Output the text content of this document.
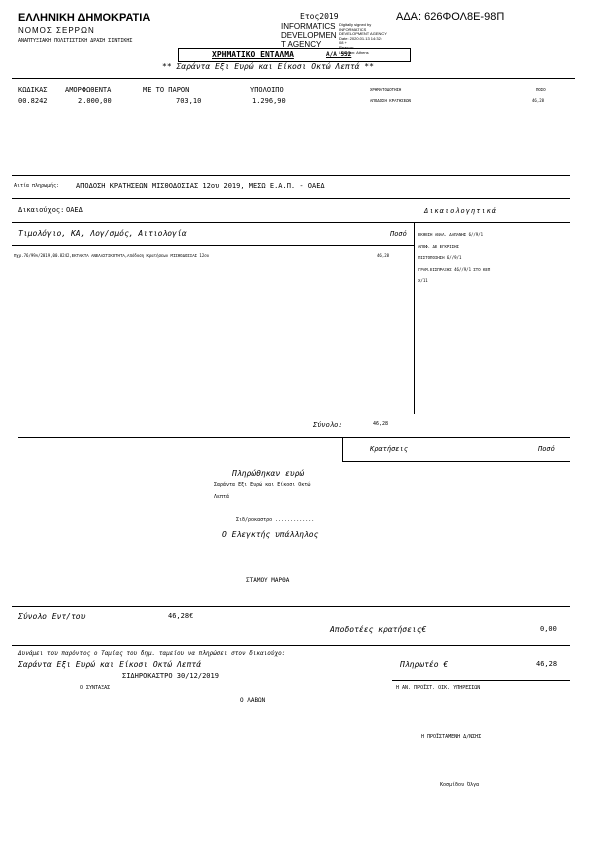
ΕΛΛΗΝΙΚΗ ΔΗΜΟΚΡΑΤΙΑ
ΝΟΜΟΣ ΣΕΡΡΩΝ
ΑΝΑΠΤΥΞΙΑΚΗ ΠΟΛΙΤΙΣΤΙΚΗ ΔΡΑΣΗ ΣΙΝΤΙΚΗΣ
Ετος2019
INFORMATICS
DEVELOPMEN
T AGENCY
Digitally signed by
INFORMATICS
DEVELOPMENT AGENCY
Date: 2020.01.13 14:32:
08 +
Reason:
Location: Athens
ΑΔΑ: 626ΦΟΛ8Ε-98Π
ΧΡΗΜΑΤΙΚΟ ΕΝΤΑΛΜΑ	Α/Α 552
** Σαράντα Εξι Ευρώ και Είκοσι Οκτώ Λεπτά **
ΚΩΔΙΚΑΣ ΑΜΟΡΦΩΘΕΝΤΑ	ΜΕ ΤΟ ΠΑΡΟΝ	ΥΠΟΛΟΙΠΟ
00.8242	2.000,00	703,10	1.296,90
ΧΡΗΜΑΤΟΔΟΤΗΣΗ	ΠΟΣΟ
ΑΠΟΔΟΣΗ ΚΡΑΤΗΣΕΩΝ	46,28
Αιτία πληρωμής: ΑΠΟΔΟΣΗ ΚΡΑΤΗΣΕΩΝ ΜΙΣΘΟΔΟΣΙΑΣ 12ου 2019, ΜΕΣΩ Ε.Α.Π. - ΟΑΕΔ
Δικαιούχος: ΟΑΕΔ	Δικαιολογητικά
Τιμολόγιο, ΚΑ, Λογ/σμός, Αιτιολογία	Ποσό
Πχρ.76/99Α/2019,00.8242,ΕΚΤΑΚΤΑ ΑΝΕΛΑΣΤΙΚΟΤΗΤΑ,Απόδοση Κρατήσεων ΜΙΣΘΟΔΟΣΙΑΣ 12ου	46,28
ΕΚΘΕΣΗ ΑΝΑΛ. ΔΑΠΑΝΗΣ 6//9/1
ΑΠΟΦ. ΔΕ ΕΓΚΡΙΣΗΣ
ΠΙΣΤΟΠΟΙΗΣΗ 6//9/1
ΓΡΑΜ.ΕΙΣΠΡΑΞΗΣ 46//9/1 ΣΤΟ ΚΕΠ
Χ/11
Σύνολο:	46,28
Κρατήσεις	Ποσό
Πληρώθηκαν ευρώ
Σαράντα Εξι Ευρώ και Είκοσι Οκτώ
Λεπτά
Σιδ/ροκαστρο .............
Ο Ελεγκτής υπάλληλος
ΣΤΑΜΟΥ ΜΑΡΘΑ
Σύνολο Εντ/του	46,28€
Αποδοτέες κρατήσεις€	0,00
Δυνάμει του παρόντος ο Ταμίας του δημ. ταμείου να πληρώσει στον δικαιούχο:
Σαράντα Εξι Ευρώ και Είκοσι Οκτώ Λεπτά	Πληρωτέο €	46,28
ΣΙΔΗΡΟΚΑΣΤΡΟ 30/12/2019
Ο ΣΥΝΤΑΞΑΣ	Η ΑΝ. ΠΡΟΪΣΤ. ΟΙΚ. ΥΠΗΡΕΣΙΩΝ
Ο ΛΑΒΩΝ
Η ΠΡΟΪΣΤΑΜΕΝΗ Δ/ΝΣΗΣ
Κοσμίδου Όλγα
